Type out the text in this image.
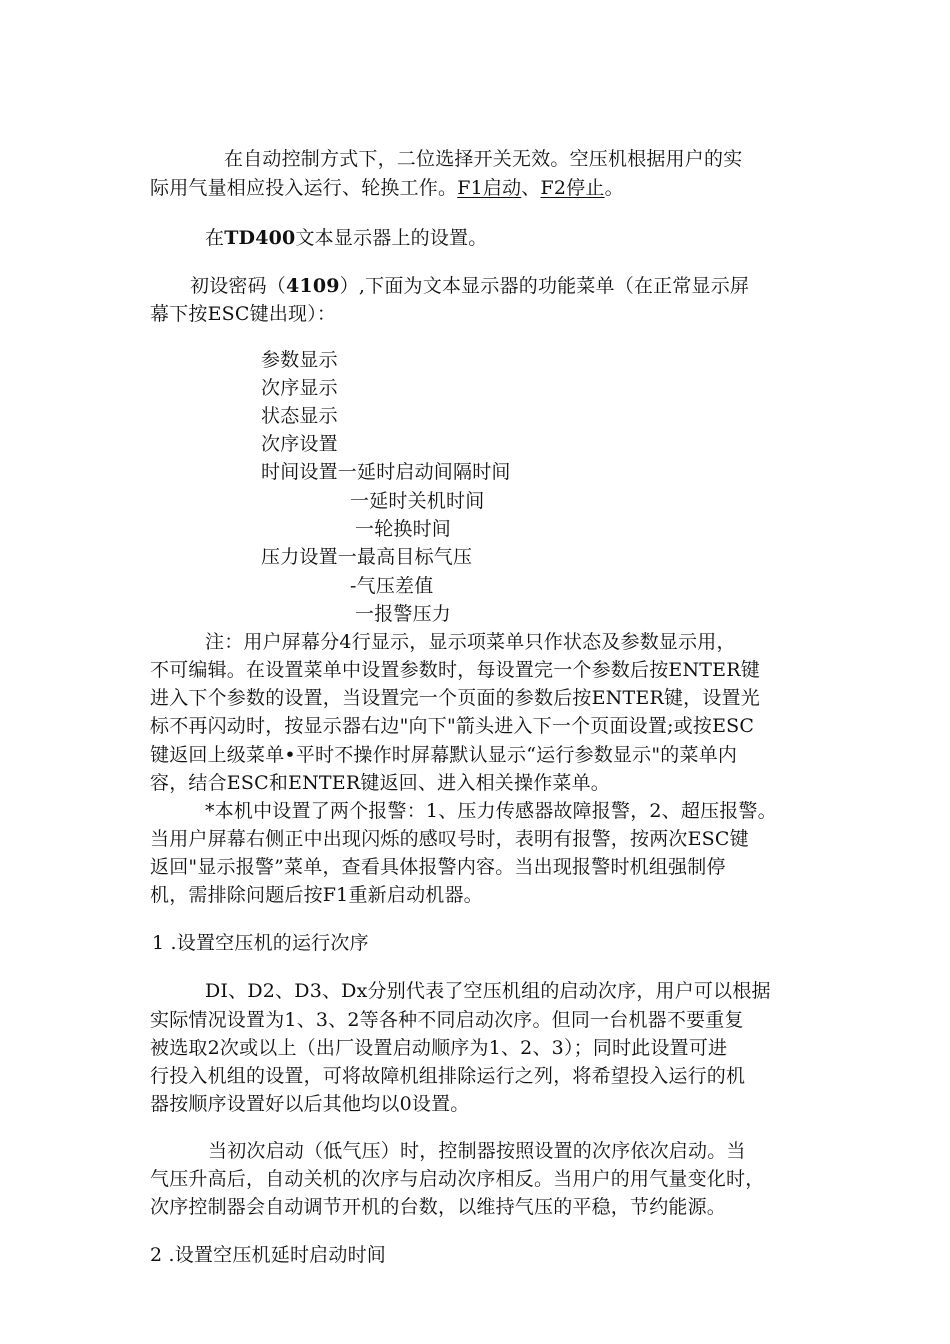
在自动控制方式下，二位选择开关无效。空压机根据用户的实
际用气量相应投入运行、轮换工作。F1启动、F2停止。
在TD400文本显示器上的设置。
初设密码（4109）,下面为文本显示器的功能菜单（在正常显示屏
幕下按ESC键出现）：
参数显示
次序显示
状态显示
次序设置
时间设置一延时启动间隔时间
一延时关机时间
一轮换时间
压力设置一最高目标气压
-气压差值
一报警压力
注：用户屏幕分4行显示，显示项菜单只作状态及参数显示用，
不可编辑。在设置菜单中设置参数时，每设置完一个参数后按ENTER键
进入下个参数的设置，当设置完一个页面的参数后按ENTER键，设置光
标不再闪动时，按显示器右边"向下"箭头进入下一个页面设置;或按ESC
键返回上级菜单•平时不操作时屏幕默认显示“运行参数显示"的菜单内
容，结合ESC和ENTER键返回、进入相关操作菜单。
*本机中设置了两个报警：1、压力传感器故障报警，2、超压报警。
当用户屏幕右侧正中出现闪烁的感叹号时，表明有报警，按两次ESC键
返回"显示报警”菜单，查看具体报警内容。当出现报警时机组强制停
机，需排除问题后按F1重新启动机器。
1 .设置空压机的运行次序
DI、D2、D3、Dx分别代表了空压机组的启动次序，用户可以根据
实际情况设置为1、3、2等各种不同启动次序。但同一台机器不要重复
被选取2次或以上（出厂设置启动顺序为1、2、3）；同时此设置可进
行投入机组的设置，可将故障机组排除运行之列，将希望投入运行的机
器按顺序设置好以后其他均以0设置。
当初次启动（低气压）时，控制器按照设置的次序依次启动。当
气压升高后，自动关机的次序与启动次序相反。当用户的用气量变化时，
次序控制器会自动调节开机的台数，以维持气压的平稳，节约能源。
2 .设置空压机延时启动时间
